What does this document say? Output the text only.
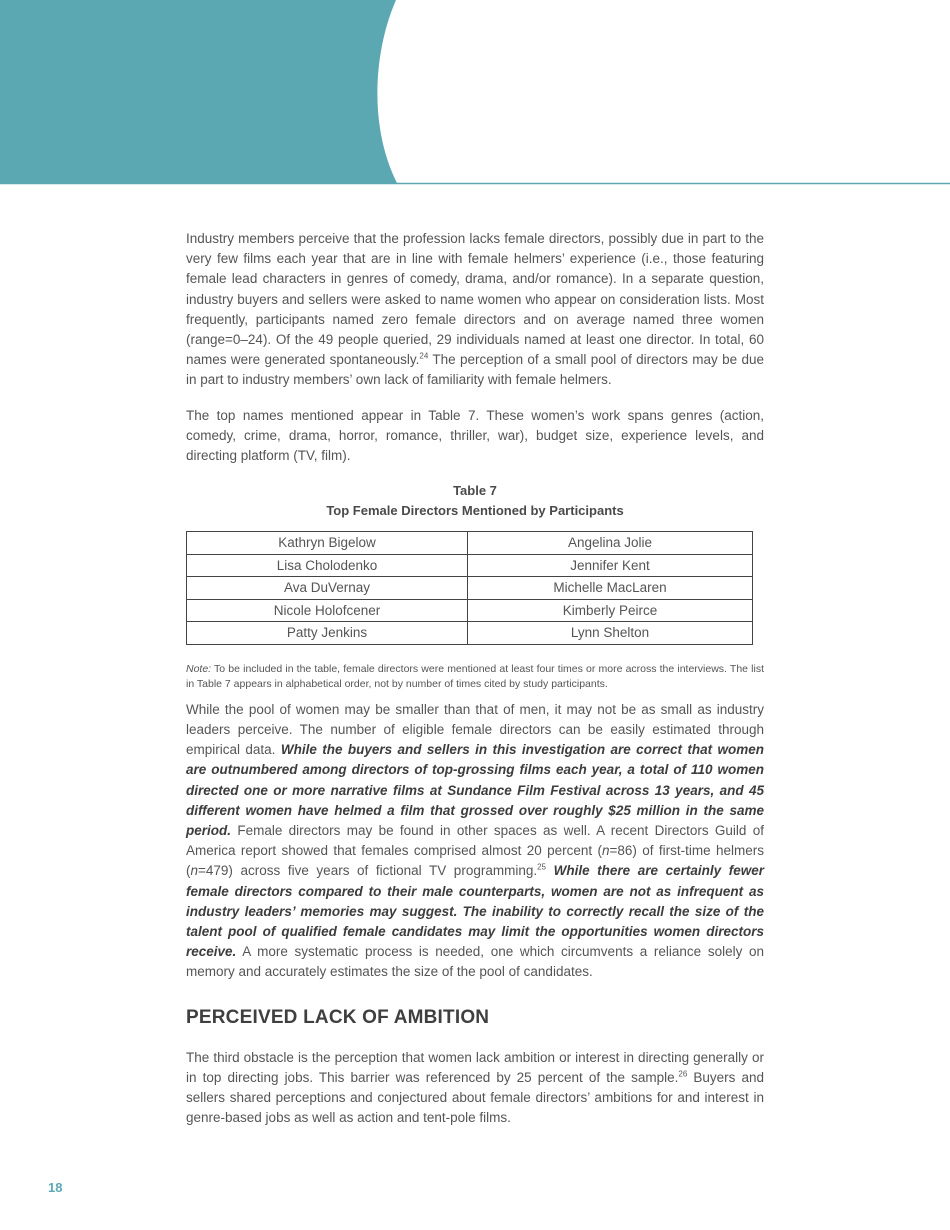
Industry members perceive that the profession lacks female directors, possibly due in part to the very few films each year that are in line with female helmers’ experience (i.e., those featuring female lead characters in genres of comedy, drama, and/or romance). In a separate question, industry buyers and sellers were asked to name women who appear on consideration lists. Most frequently, participants named zero female directors and on average named three women (range=0–24). Of the 49 people queried, 29 individuals named at least one director. In total, 60 names were generated spontaneously.$^{24}$ The perception of a small pool of directors may be due in part to industry members’ own lack of familiarity with female helmers.

The top names mentioned appear in Table 7. These women’s work spans genres (action, comedy, crime, drama, horror, romance, thriller, war), budget size, experience levels, and directing platform (TV, film).

Table 7

Top Female Directors Mentioned by Participants

Kathryn Bigelow	Angelina Jolie
Lisa Cholodenko	Jennifer Kent
Ava DuVernay	Michelle MacLaren
Nicole Holofcener	Kimberly Peirce
Patty Jenkins	Lynn Shelton

Note: To be included in the table, female directors were mentioned at least four times or more across the interviews. The list in Table 7 appears in alphabetical order, not by number of times cited by study participants.

While the pool of women may be smaller than that of men, it may not be as small as industry leaders perceive. The number of eligible female directors can be easily estimated through empirical data. While the buyers and sellers in this investigation are correct that women are outnumbered among directors of top-grossing films each year, a total of 110 women directed one or more narrative films at Sundance Film Festival across 13 years, and 45 different women have helmed a film that grossed over roughly $25 million in the same period. Female directors may be found in other spaces as well. A recent Directors Guild of America report showed that females comprised almost 20 percent (n=86) of first-time helmers (n=479) across five years of fictional TV programming.$^{25}$ While there are certainly fewer female directors compared to their male counterparts, women are not as infrequent as industry leaders’ memories may suggest. The inability to correctly recall the size of the talent pool of qualified female candidates may limit the opportunities women directors receive. A more systematic process is needed, one which circumvents a reliance solely on memory and accurately estimates the size of the pool of candidates.

PERCEIVED LACK OF AMBITION

The third obstacle is the perception that women lack ambition or interest in directing generally or in top directing jobs. This barrier was referenced by 25 percent of the sample.$^{26}$ Buyers and sellers shared perceptions and conjectured about female directors’ ambitions for and interest in genre-based jobs as well as action and tent-pole films.

18
